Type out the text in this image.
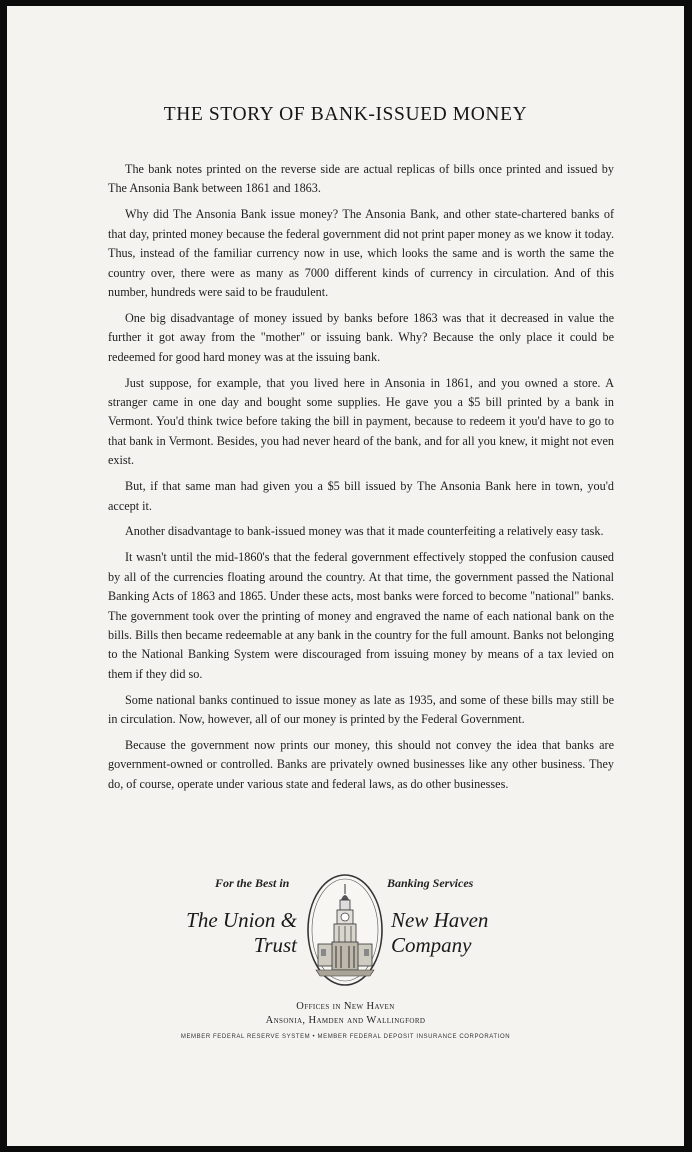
THE STORY OF BANK-ISSUED MONEY

The bank notes printed on the reverse side are actual replicas of bills once printed and issued by The Ansonia Bank between 1861 and 1863.

Why did The Ansonia Bank issue money? The Ansonia Bank, and other state-chartered banks of that day, printed money because the federal government did not print paper money as we know it today. Thus, instead of the familiar currency now in use, which looks the same and is worth the same the country over, there were as many as 7000 different kinds of currency in circulation. And of this number, hundreds were said to be fraudulent.

One big disadvantage of money issued by banks before 1863 was that it decreased in value the further it got away from the "mother" or issuing bank. Why? Because the only place it could be redeemed for good hard money was at the issuing bank.

Just suppose, for example, that you lived here in Ansonia in 1861, and you owned a store. A stranger came in one day and bought some supplies. He gave you a $5 bill printed by a bank in Vermont. You'd think twice before taking the bill in payment, because to redeem it you'd have to go to that bank in Vermont. Besides, you had never heard of the bank, and for all you knew, it might not even exist.

But, if that same man had given you a $5 bill issued by The Ansonia Bank here in town, you'd accept it.

Another disadvantage to bank-issued money was that it made counterfeiting a relatively easy task.

It wasn't until the mid-1860's that the federal government effectively stopped the confusion caused by all of the currencies floating around the country. At that time, the government passed the National Banking Acts of 1863 and 1865. Under these acts, most banks were forced to become "national" banks. The government took over the printing of money and engraved the name of each national bank on the bills. Bills then became redeemable at any bank in the country for the full amount. Banks not belonging to the National Banking System were discouraged from issuing money by means of a tax levied on them if they did so.

Some national banks continued to issue money as late as 1935, and some of these bills may still be in circulation. Now, however, all of our money is printed by the Federal Government.

Because the government now prints our money, this should not convey the idea that banks are government-owned or controlled. Banks are privately owned businesses like any other business. They do, of course, operate under various state and federal laws, as do other businesses.

For the Best in	Banking Services
The Union &
Trust
New Haven
Company
Offices in New Haven
Ansonia, Hamden and Wallingford
MEMBER FEDERAL RESERVE SYSTEM • MEMBER FEDERAL DEPOSIT INSURANCE CORPORATION
